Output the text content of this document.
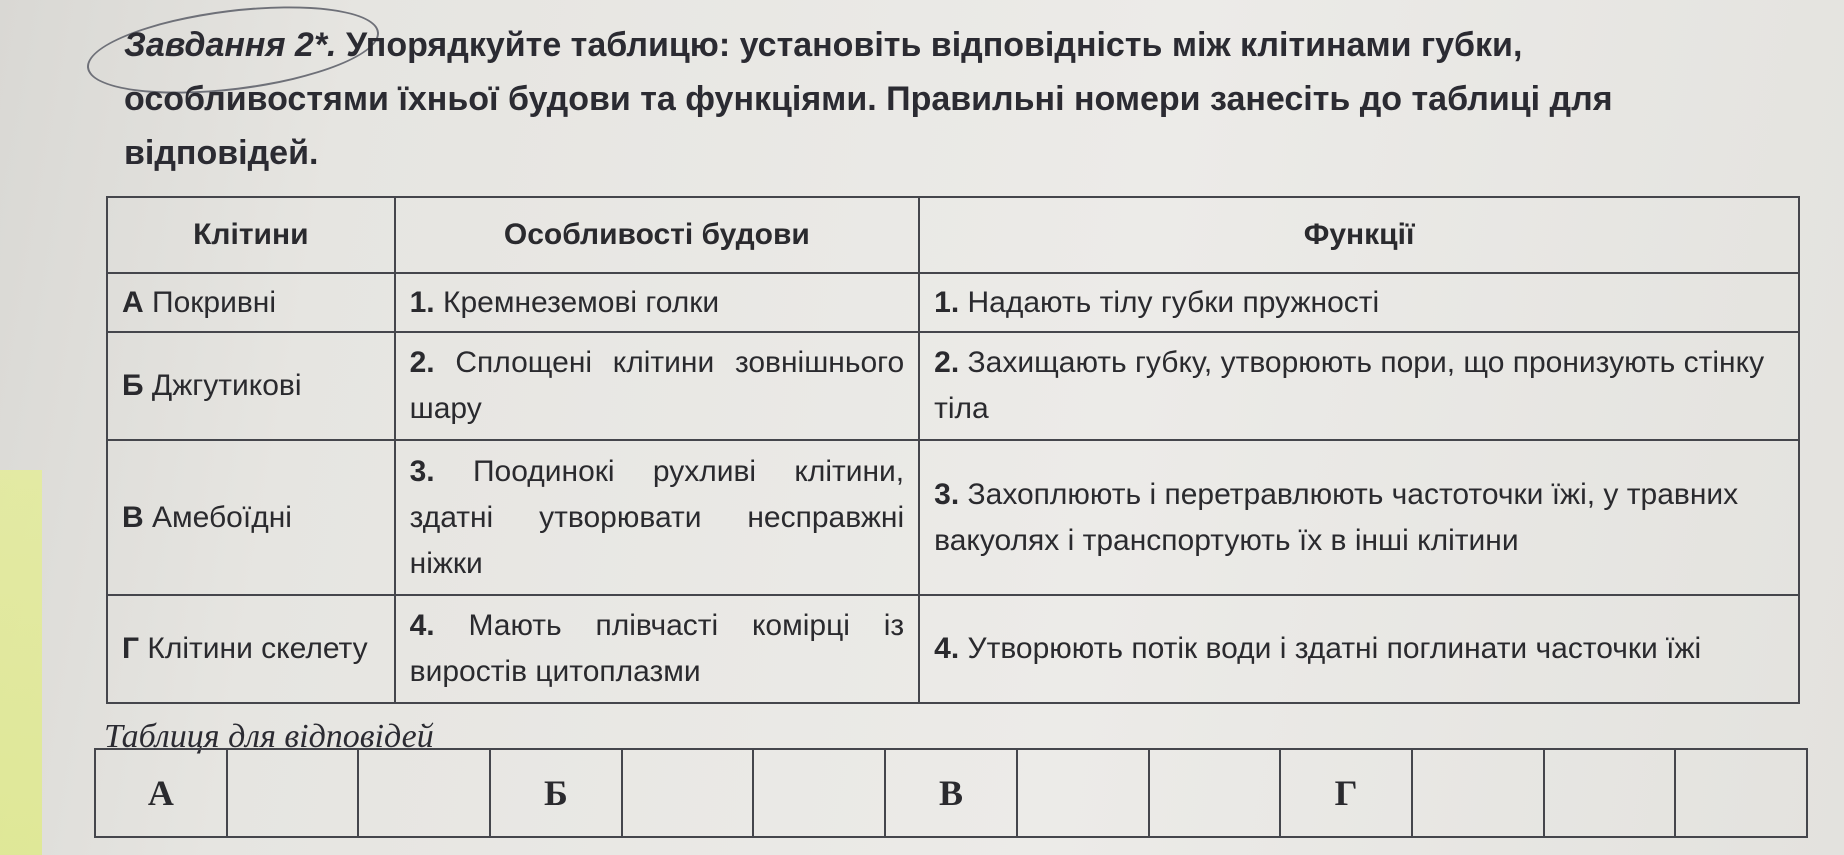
Завдання 2*. Упорядкуйте таблицю: установіть відповідність між клітинами губки, особливостями їхньої будови та функціями. Правильні номери занесіть до таблиці для відповідей.

Клітини	Особливості будови	Функції
А Покривні	1. Кремнеземові голки	1. Надають тілу губки пружності
Б Джгутикові	2. Сплощені клітини зовнішнього шару	2. Захищають губку, утворюють пори, що пронизують стінку тіла
В Амебоїдні	3. Поодинокі рухливі клітини, здатні утворювати несправжні ніжки	3. Захоплюють і перетравлюють частоточки їжі, у травних вакуолях і транспортують їх в інші клітини
Г Клітини скелету	4. Мають плівчасті комірці із виростів цитоплазми	4. Утворюють потік води і здатні поглинати часточки їжі
Таблиця для відповідей
А			Б			В			Г			
